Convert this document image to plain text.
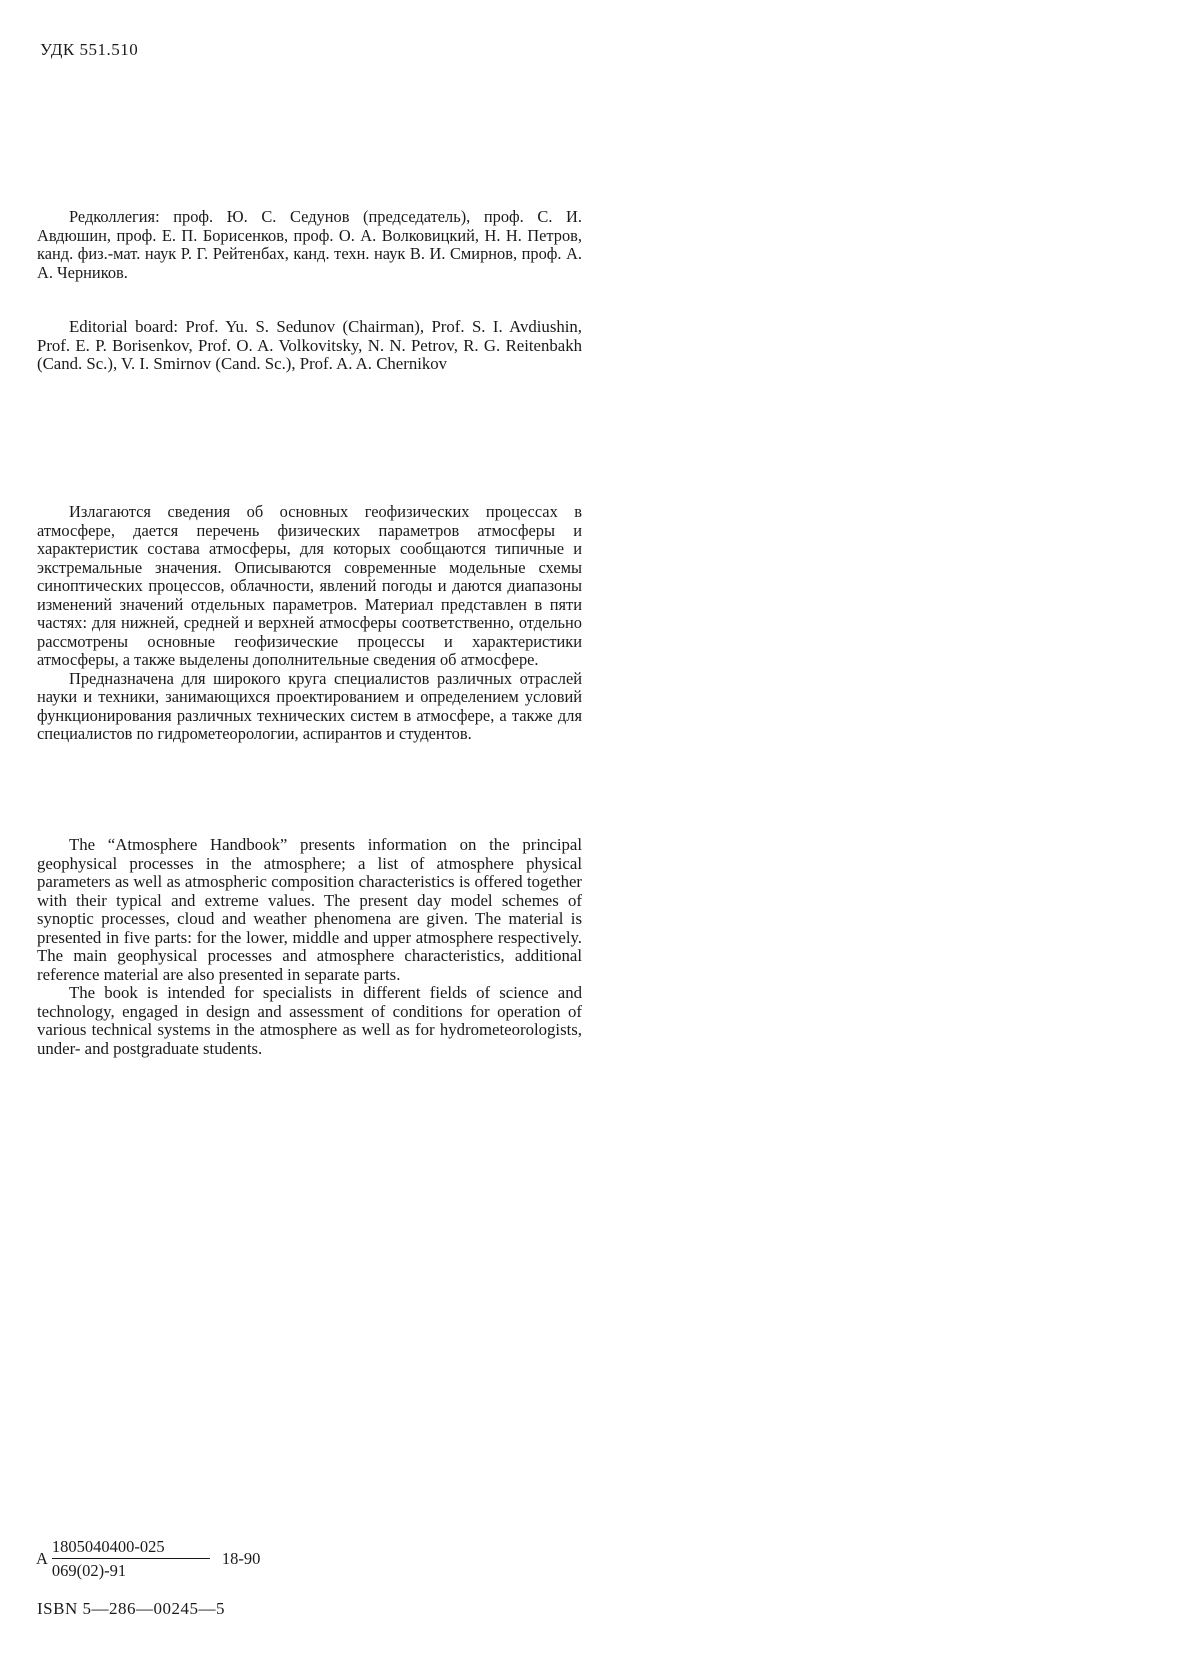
УДК 551.510

Редколлегия: проф. Ю. С. Седунов (председатель), проф. С. И. Авдюшин, проф. Е. П. Борисенков, проф. О. А. Волковицкий, Н. Н. Петров, канд. физ.-мат. наук Р. Г. Рейтенбах, канд. техн. наук В. И. Смирнов, проф. А. А. Черников.

Editorial board: Prof. Yu. S. Sedunov (Chairman), Prof. S. I. Avdiushin, Prof. E. P. Borisenkov, Prof. O. A. Volkovitsky, N. N. Petrov, R. G. Reitenbakh (Cand. Sc.), V. I. Smirnov (Cand. Sc.), Prof. A. A. Chernikov

Излагаются сведения об основных геофизических процессах в атмосфере, дается перечень физических параметров атмосферы и характеристик состава атмосферы, для которых сообщаются типичные и экстремальные значения. Описываются современные модельные схемы синоптических процессов, облачности, явлений погоды и даются диапазоны изменений значений отдельных параметров. Материал представлен в пяти частях: для нижней, средней и верхней атмосферы соответственно, отдельно рассмотрены основные геофизические процессы и характеристики атмосферы, а также выделены дополнительные сведения об атмосфере.

Предназначена для широкого круга специалистов различных отраслей науки и техники, занимающихся проектированием и определением условий функционирования различных технических систем в атмосфере, а также для специалистов по гидрометеорологии, аспирантов и студентов.

The “Atmosphere Handbook” presents information on the principal geophysical processes in the atmosphere; a list of atmosphere physical parameters as well as atmospheric composition characteristics is offered together with their typical and extreme values. The present day model schemes of synoptic processes, cloud and weather phenomena are given. The material is presented in five parts: for the lower, middle and upper atmosphere respectively. The main geophysical processes and atmosphere characteristics, additional reference material are also presented in separate parts.

The book is intended for specialists in different fields of science and technology, engaged in design and assessment of conditions for operation of various technical systems in the atmosphere as well as for hydrometeorologists, under- and postgraduate students.

А $\frac{1805040400-025}{069(02)-91} 18-90$
ISBN 5—286—00245—5
